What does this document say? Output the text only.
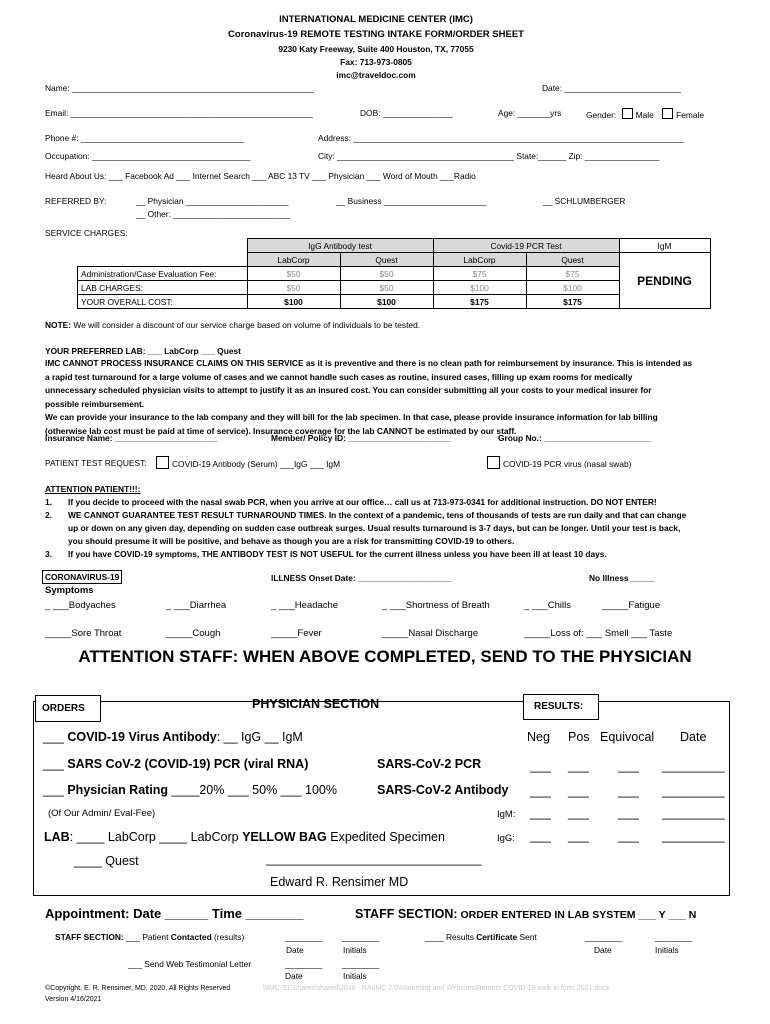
INTERNATIONAL MEDICINE CENTER (IMC)
Coronavirus-19 REMOTE TESTING INTAKE FORM/ORDER SHEET
9230 Katy Freeway, Suite 400 Houston, TX, 77055
Fax: 713-973-0805
imc@traveldoc.com
Name: ____________________________________________________	Date: _________________________
Email: ____________________________________________________	DOB: _______________	Age: _______yrs	Gender: Male	Female
Phone #: ___________________________________	Address: _______________________________________________________________________
Occupation: __________________________________	City: ______________________________________ State:______ Zip: ________________
Heard About Us: ___ Facebook Ad ___ Internet Search ___ ABC 13 TV ___ Physician ___ Word of Mouth ___Radio
REFERRED BY:	__ Physician ______________________
__ Other: _________________________
__ Business ______________________	__ SCHLUMBERGER
SERVICE CHARGES:
	IgG Antibody test		Covid-19 PCR Test		IgM
	LabCorp	Quest	LabCorp	Quest	PENDING
Administration/Case Evaluation Fee:	$50	$50	$75	$75	
LAB CHARGES:	$50	$50	$100	$100	
YOUR OVERALL COST:	$100	$100	$175	$175	
NOTE: We will consider a discount of our service charge based on volume of individuals to be tested.
YOUR PREFERRED LAB: ___ LabCorp ___ Quest
IMC CANNOT PROCESS INSURANCE CLAIMS ON THIS SERVICE as it is preventive and there is no clean path for reimbursement by insurance. This is intended as
a rapid test turnaround for a large volume of cases and we cannot handle such cases as routine, insured cases, filling up exam rooms for medically
unnecessary scheduled physician visits to attempt to justify it as an insured cost. You can consider submitting all your costs to your medical insurer for
possible reimbursement.
We can provide your insurance to the lab company and they will bill for the lab specimen. In that case, please provide insurance information for lab billing
(otherwise lab cost must be paid at time of service). Insurance coverage for the lab CANNOT be estimated by our staff.
Insurance Name: ______________________	Member/ Policy ID: ______________________	Group No.: _______________________
PATIENT TEST REQUEST:	COVID-19 Antibody (Serum) ___IgG ___ IgM	COVID-19 PCR virus (nasal swab)
ATTENTION PATIENT!!!:
1. If you decide to proceed with the nasal swab PCR, when you arrive at our office… call us at 713-973-0341 for additional instruction. DO NOT ENTER!
2. WE CANNOT GUARANTEE TEST RESULT TURNAROUND TIMES. In the context of a pandemic, tens of thousands of tests are run daily and that can change
up or down on any given day, depending on sudden case outbreak surges. Usual results turnaround is 3-7 days, but can be longer. Until your test is back,
you should presume it will be positive, and behave as though you are a risk for transmitting COVID-19 to others.
3. If you have COVID-19 symptoms, THE ANTIBODY TEST IS NOT USEFUL for the current illness unless you have been ill at least 10 days.
CORONAVIRUS-19	ILLNESS Onset Date: ____________________	No Illness _____
Symptoms
_ ___Bodyaches	_ ___Diarrhea	_ ___Headache	_ ___Shortness of Breath	_ ___Chills	_____Fatigue
_____Sore Throat	_____Cough	_____Fever	_____Nasal Discharge	_____Loss of: ___ Smell ___ Taste
ATTENTION STAFF: WHEN ABOVE COMPLETED, SEND TO THE PHYSICIAN
ORDERS	PHYSICIAN SECTION	RESULTS:
___ COVID-19 Virus Antibody: __ IgG __ IgM	Neg Pos Equivocal Date
___ SARS CoV-2 (COVID-19) PCR (viral RNA)	SARS-CoV-2 PCR	___ ___ ___ _________
___ Physician Rating ____20% ___ 50% ___ 100%	SARS-CoV-2 Antibody ___ ___ ___ _________
(Of Our Admin/ Eval-Fee)	IgM: ___ ___ ___ _________
LAB: ____ LabCorp ____ LabCorp YELLOW BAG Expedited Specimen	IgG: ___ ___ ___ _________
____ Quest	_______________________________
Edward R. Rensimer MD
Appointment: Date ______ Time ________	STAFF SECTION: ORDER ENTERED IN LAB SYSTEM ___ Y ___ N
STAFF SECTION: ___ Patient Contacted (results)	________ ________
Date	Initials
____ Results Certificate Sent	________	________
Date	Initials
___ Send Web Testimonial Letter	________ ________
Date	Initials
©Copyright, E. R. Rensimer, MD, 2020, All Rights Reserved
Version 4/16/2021
\\IMC-S1\Shares\shared\2018 - RA\IMC 2.0\Marketing and Websites\Remote COVID-19 walk in form 2021.docx
